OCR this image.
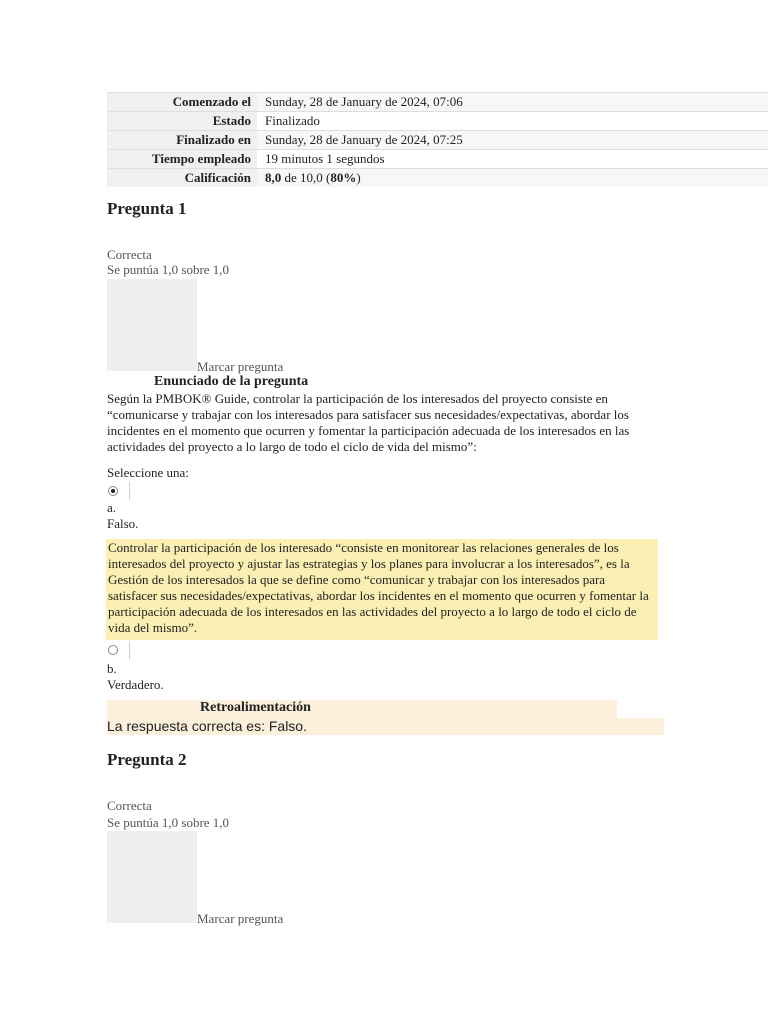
Comenzado el	Sunday, 28 de January de 2024, 07:06
Estado	Finalizado
Finalizado en	Sunday, 28 de January de 2024, 07:25
Tiempo empleado	19 minutos 1 segundos
Calificación	8,0 de 10,0 (80%)
Pregunta 1
Correcta
Se puntúa 1,0 sobre 1,0
Marcar pregunta
Enunciado de la pregunta
Según la PMBOK® Guide, controlar la participación de los interesados del proyecto consiste en “comunicarse y trabajar con los interesados para satisfacer sus necesidades/expectativas, abordar los incidentes en el momento que ocurren y fomentar la participación adecuada de los interesados en las actividades del proyecto a lo largo de todo el ciclo de vida del mismo”:
Seleccione una:
a.
Falso.
Controlar la participación de los interesado “consiste en monitorear las relaciones generales de los interesados del proyecto y ajustar las estrategias y los planes para involucrar a los interesados”, es la Gestión de los interesados la que se define como “comunicar y trabajar con los interesados para satisfacer sus necesidades/expectativas, abordar los incidentes en el momento que ocurren y fomentar la participación adecuada de los interesados en las actividades del proyecto a lo largo de todo el ciclo de vida del mismo”.
b.
Verdadero.
Retroalimentación
La respuesta correcta es: Falso.
Pregunta 2
Correcta
Se puntúa 1,0 sobre 1,0
Marcar pregunta
